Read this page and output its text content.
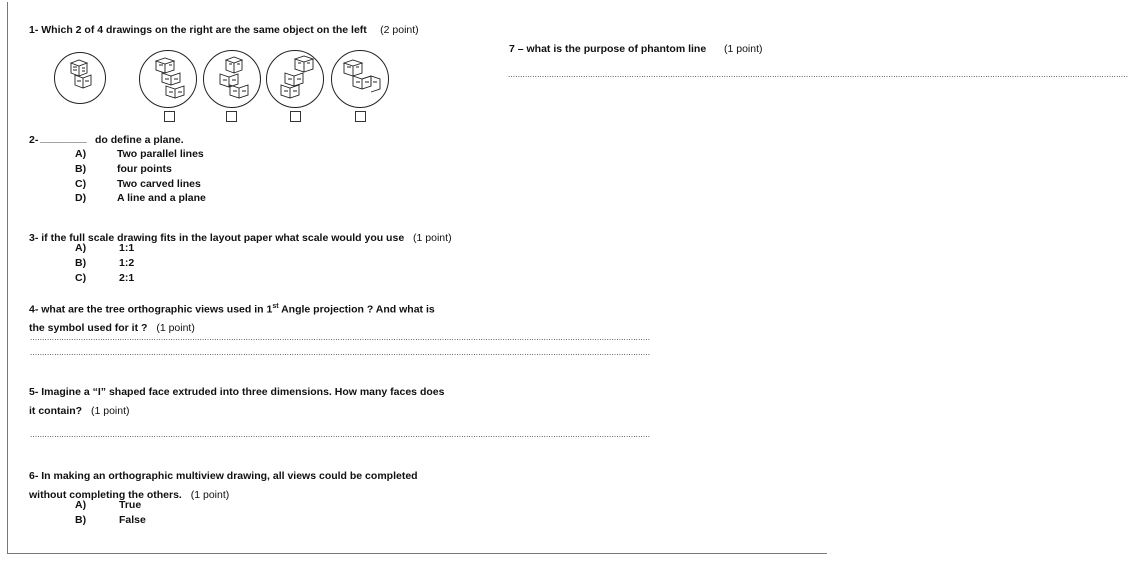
1- Which 2 of 4 drawings on the right are the same object on the left (2 point)
2- ________ do define a plane.
A)	Two parallel lines
B)	four points
C)	Two carved lines
D)	A line and a plane
3- if the full scale drawing fits in the layout paper what scale would you use (1 point)
A)	1:1
B)	1:2
C)	2:1
4- what are the tree orthographic views used in 1st Angle projection ? And what is
the symbol used for it ? (1 point)
................................................................................................................................................................................................................................................................
................................................................................................................................................................................................................................................................
5- Imagine a “I” shaped face extruded into three dimensions. How many faces does
it contain? (1 point)
................................................................................................................................................................................................................................................................
6- In making an orthographic multiview drawing, all views could be completed
without completing the others. (1 point)
A)	True
B)	False
7 – what is the purpose of phantom line (1 point)
................................................................................................................................................................................................................................................................
